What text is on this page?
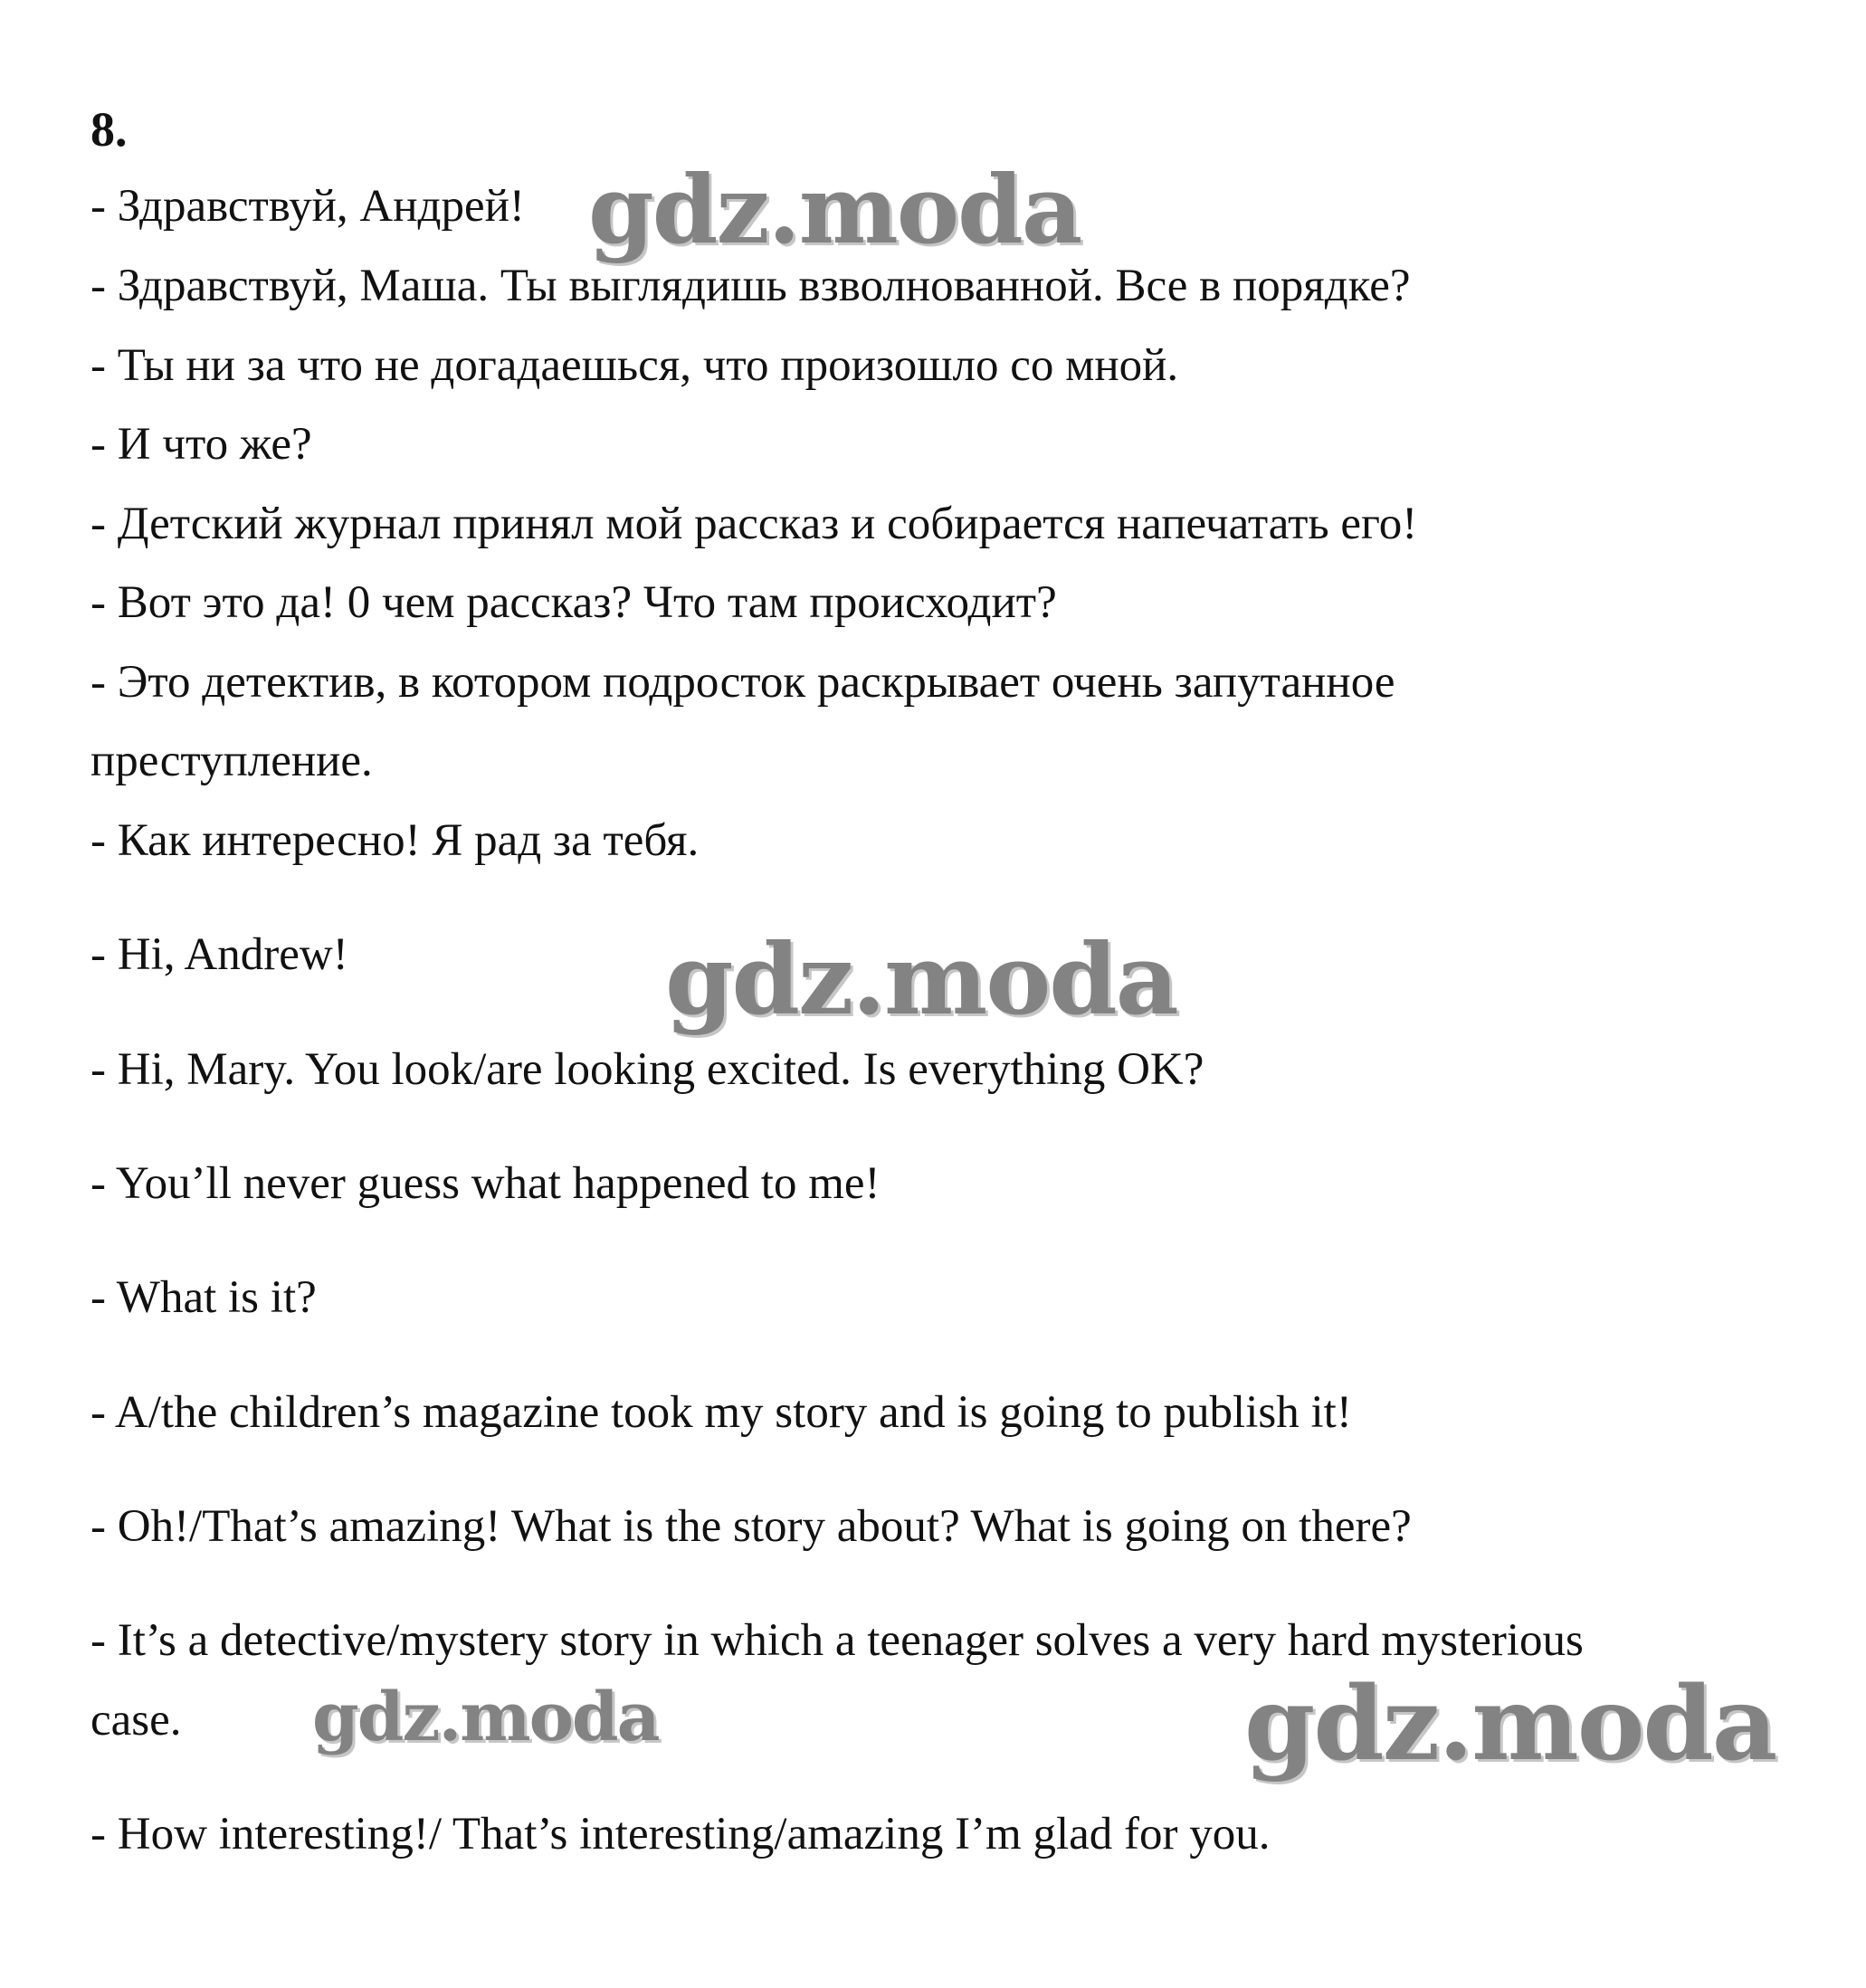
8.
- Здравствуй, Андрей!
- Здравствуй, Маша. Ты выглядишь взволнованной. Все в порядке?
- Ты ни за что не догадаешься, что произошло со мной.
- И что же?
- Детский журнал принял мой рассказ и собирается напечатать его!
- Вот это да! 0 чем рассказ? Что там происходит?
- Это детектив, в котором подросток раскрывает очень запутанное
преступление.
- Как интересно! Я рад за тебя.
- Hi, Andrew!
- Hi, Mary. You look/are looking excited. Is everything OK?
- You’ll never guess what happened to me!
- What is it?
- A/the children’s magazine took my story and is going to publish it!
- Oh!/That’s amazing! What is the story about? What is going on there?
- It’s a detective/mystery story in which a teenager solves a very hard mysterious
case.
- How interesting!/ That’s interesting/amazing I’m glad for you.
gdz.moda
gdz.moda
gdz.moda	gdz.moda
